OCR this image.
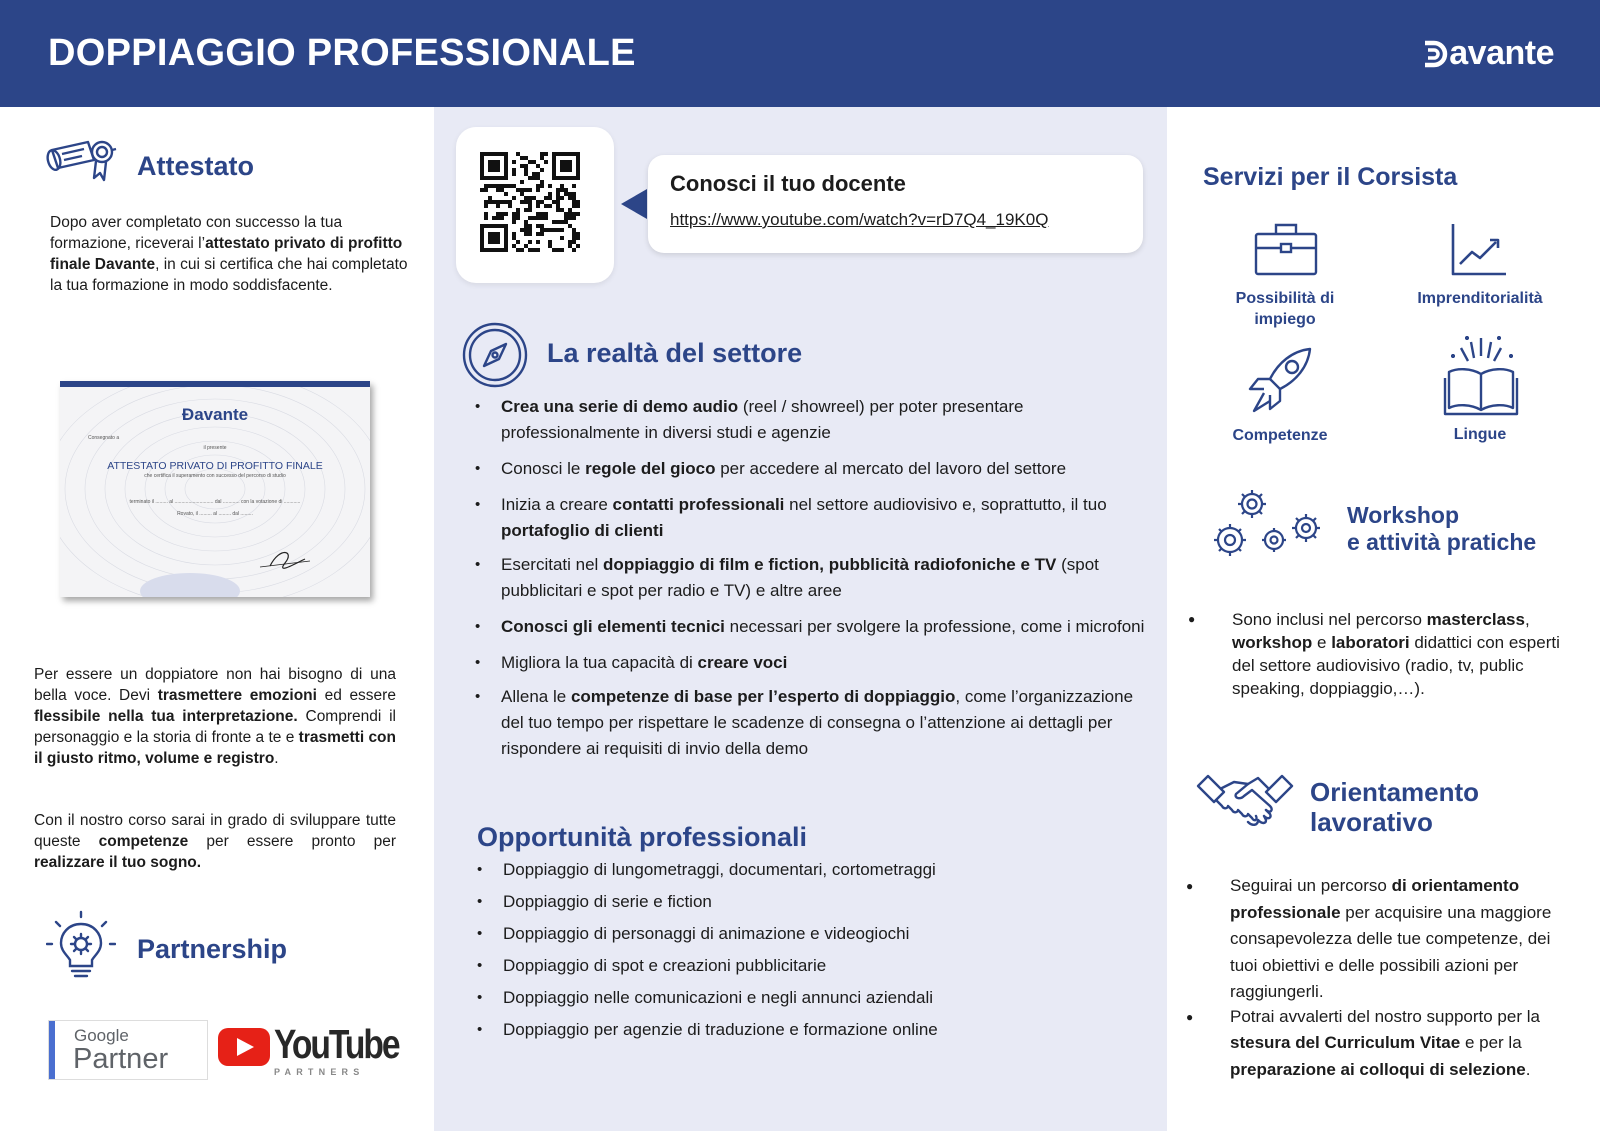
DOPPIAGGIO PROFESSIONALE	avante
Attestato

Dopo aver completato con successo la tua formazione, riceverai l’attestato privato di profitto finale Davante, in cui si certifica che hai completato la tua formazione in modo soddisfacente.

Ɖavante
Consegnato a
il presente
ATTESTATO PRIVATO DI PROFITTO FINALE
che certifica il superamento con successo del percorso di studio
terminato il ......... al ............................ dal ............ con la votazione di ............
Rovato, il ......... al ......... dal .........

Per essere un doppiatore non hai bisogno di una bella voce. Devi trasmettere emozioni ed essere flessibile nella tua interpretazione. Comprendi il personaggio e la storia di fronte a te e trasmetti con il giusto ritmo, volume e registro.

Con il nostro corso sarai in grado di sviluppare tutte queste competenze per essere pronto per realizzare il tuo sogno.

Partnership
Google
Partner	YouTube
PARTNERS
Conosci il tuo docente
https://www.youtube.com/watch?v=rD7Q4_19K0Q
La realtà del settore
• Crea una serie di demo audio (reel / showreel) per poter presentare professionalmente in diversi studi e agenzie
• Conosci le regole del gioco per accedere al mercato del lavoro del settore
• Inizia a creare contatti professionali nel settore audiovisivo e, soprattutto, il tuo portafoglio di clienti
• Esercitati nel doppiaggio di film e fiction, pubblicità radiofoniche e TV (spot pubblicitari e spot per radio e TV) e altre aree
• Conosci gli elementi tecnici necessari per svolgere la professione, come i microfoni
• Migliora la tua capacità di creare voci
• Allena le competenze di base per l’esperto di doppiaggio, come l’organizzazione del tuo tempo per rispettare le scadenze di consegna o l’attenzione ai dettagli per rispondere ai requisiti di invio della demo
Opportunità professionali
• Doppiaggio di lungometraggi, documentari, cortometraggi
• Doppiaggio di serie e fiction
• Doppiaggio di personaggi di animazione e videogiochi
• Doppiaggio di spot e creazioni pubblicitarie
• Doppiaggio nelle comunicazioni e negli annunci aziendali
• Doppiaggio per agenzie di traduzione e formazione online
Servizi per il Corsista
Possibilità di impiego
Imprenditorialità
Competenze	Lingue
Workshop
e attività pratiche
● Sono inclusi nel percorso masterclass, workshop e laboratori didattici con esperti del settore audiovisivo (radio, tv, public speaking, doppiaggio,…).
Orientamento
lavorativo
● Seguirai un percorso di orientamento professionale per acquisire una maggiore consapevolezza delle tue competenze, dei tuoi obiettivi e delle possibili azioni per raggiungerli.
● Potrai avvalerti del nostro supporto per la stesura del Curriculum Vitae e per la preparazione ai colloqui di selezione.
